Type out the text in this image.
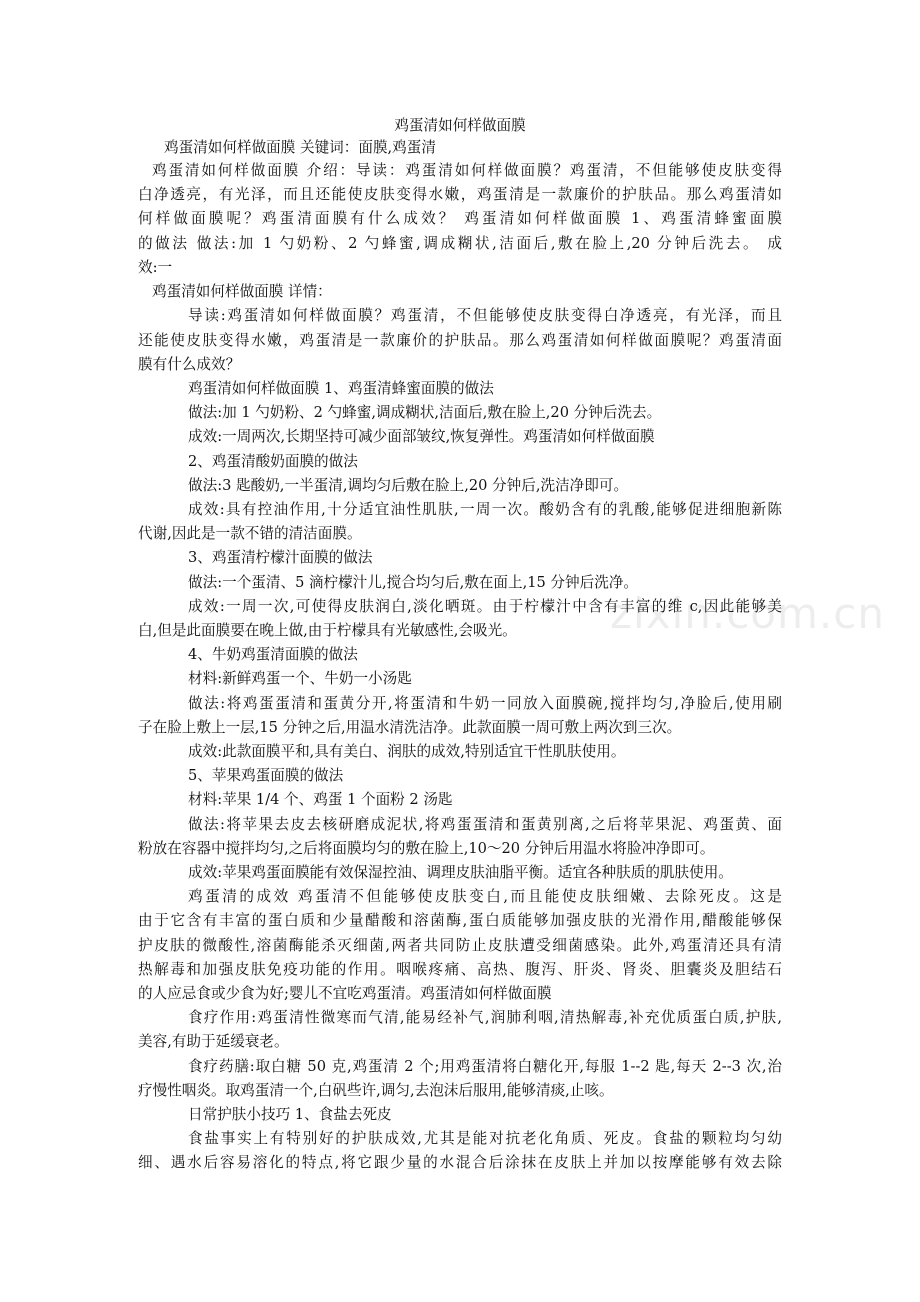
鸡蛋清如何样做面膜
鸡蛋清如何样做面膜 关键词：面膜,鸡蛋清
鸡蛋清如何样做面膜 介绍：导读：鸡蛋清如何样做面膜？鸡蛋清，不但能够使皮肤变得
白净透亮，有光泽，而且还能使皮肤变得水嫩，鸡蛋清是一款廉价的护肤品。那么鸡蛋清如
何样做面膜呢？鸡蛋清面膜有什么成效？ 鸡蛋清如何样做面膜 1、鸡蛋清蜂蜜面膜
的做法 做法:加 1 勺奶粉、2 勺蜂蜜,调成糊状,洁面后,敷在脸上,20 分钟后洗去。 成
效:一
鸡蛋清如何样做面膜 详情：
导读:鸡蛋清如何样做面膜？鸡蛋清，不但能够使皮肤变得白净透亮，有光泽，而且
还能使皮肤变得水嫩，鸡蛋清是一款廉价的护肤品。那么鸡蛋清如何样做面膜呢？鸡蛋清面
膜有什么成效？
鸡蛋清如何样做面膜 1、鸡蛋清蜂蜜面膜的做法
做法:加 1 勺奶粉、2 勺蜂蜜,调成糊状,洁面后,敷在脸上,20 分钟后洗去。
成效:一周两次,长期坚持可减少面部皱纹,恢复弹性。鸡蛋清如何样做面膜
2、鸡蛋清酸奶面膜的做法
做法:3 匙酸奶,一半蛋清,调均匀后敷在脸上,20 分钟后,洗洁净即可。
成效:具有控油作用,十分适宜油性肌肤,一周一次。酸奶含有的乳酸,能够促进细胞新陈
代谢,因此是一款不错的清洁面膜。
3、鸡蛋清柠檬汁面膜的做法
做法:一个蛋清、5 滴柠檬汁儿,搅合均匀后,敷在面上,15 分钟后洗净。
成效:一周一次,可使得皮肤润白,淡化晒斑。由于柠檬汁中含有丰富的维 c,因此能够美
白,但是此面膜要在晚上做,由于柠檬具有光敏感性,会吸光。
4、牛奶鸡蛋清面膜的做法
材料:新鲜鸡蛋一个、牛奶一小汤匙
做法:将鸡蛋蛋清和蛋黄分开,将蛋清和牛奶一同放入面膜碗,搅拌均匀,净脸后,使用刷
子在脸上敷上一层,15 分钟之后,用温水清洗洁净。此款面膜一周可敷上两次到三次。
成效:此款面膜平和,具有美白、润肤的成效,特别适宜干性肌肤使用。
5、苹果鸡蛋面膜的做法
材料:苹果 1/4 个、鸡蛋 1 个面粉 2 汤匙
做法:将苹果去皮去核研磨成泥状,将鸡蛋蛋清和蛋黄别离,之后将苹果泥、鸡蛋黄、面
粉放在容器中搅拌均匀,之后将面膜均匀的敷在脸上,10～20 分钟后用温水将脸冲净即可。
成效:苹果鸡蛋面膜能有效保湿控油、调理皮肤油脂平衡。适宜各种肤质的肌肤使用。
鸡蛋清的成效 鸡蛋清不但能够使皮肤变白,而且能使皮肤细嫩、去除死皮。这是
由于它含有丰富的蛋白质和少量醋酸和溶菌酶,蛋白质能够加强皮肤的光滑作用,醋酸能够保
护皮肤的微酸性,溶菌酶能杀灭细菌,两者共同防止皮肤遭受细菌感染。此外,鸡蛋清还具有清
热解毒和加强皮肤免疫功能的作用。咽喉疼痛、高热、腹泻、肝炎、肾炎、胆囊炎及胆结石
的人应忌食或少食为好;婴儿不宜吃鸡蛋清。鸡蛋清如何样做面膜
食疗作用:鸡蛋清性微寒而气清,能易经补气,润肺利咽,清热解毒,补充优质蛋白质,护肤,
美容,有助于延缓衰老。
食疗药膳:取白糖 50 克,鸡蛋清 2 个;用鸡蛋清将白糖化开,每服 1--2 匙,每天 2--3 次,治
疗慢性咽炎。取鸡蛋清一个,白矾些许,调匀,去泡沫后服用,能够清痰,止咳。
日常护肤小技巧 1、食盐去死皮
食盐事实上有特别好的护肤成效,尤其是能对抗老化角质、死皮。食盐的颗粒均匀幼
细、遇水后容易溶化的特点,将它跟少量的水混合后涂抹在皮肤上并加以按摩能够有效去除
zixin.com.cn
